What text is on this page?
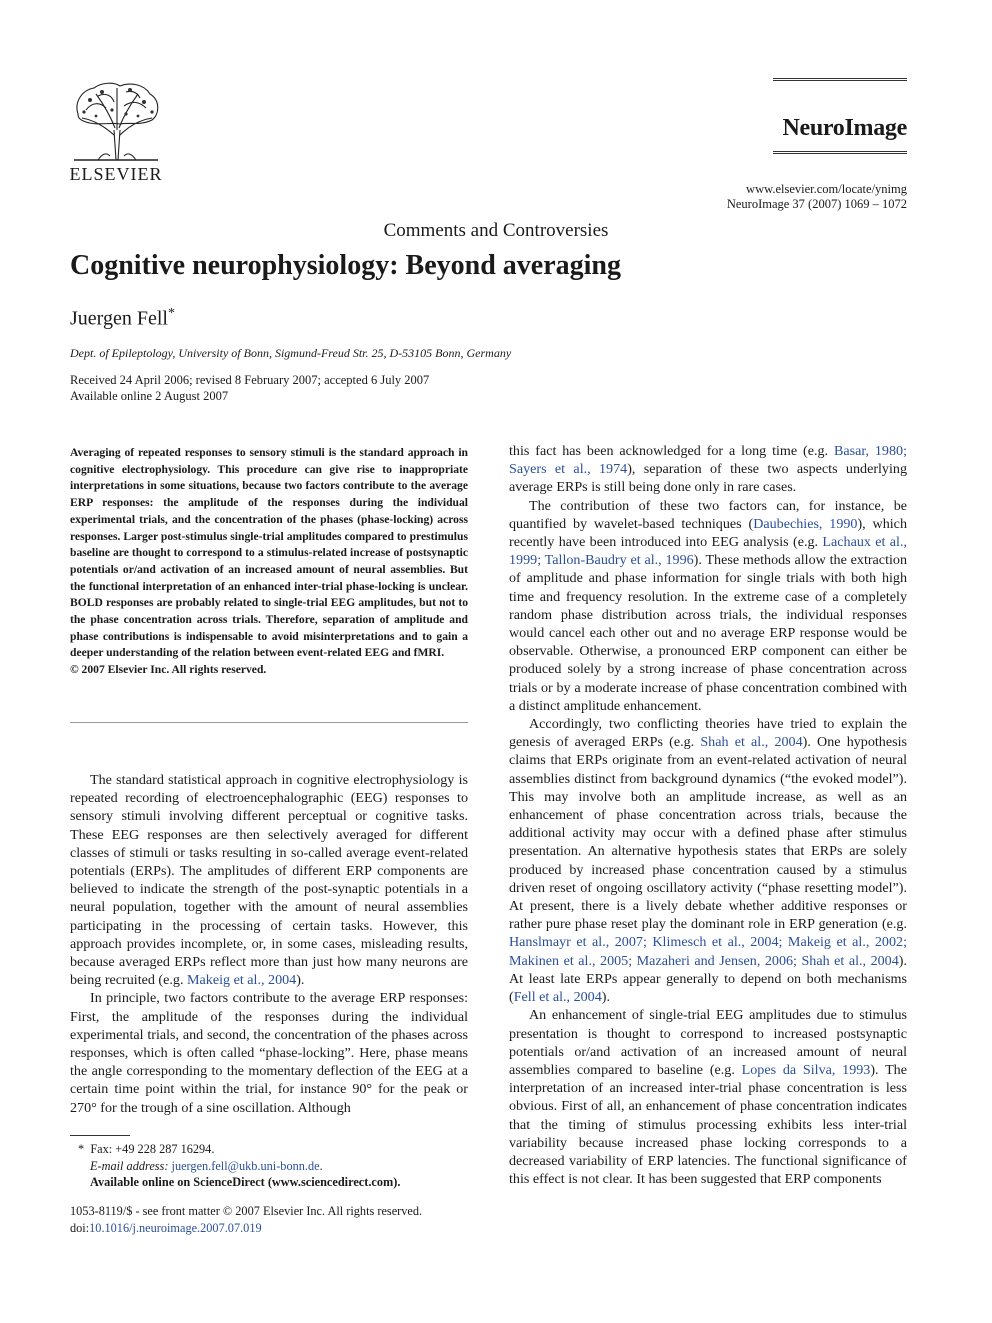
ELSEVIER
NeuroImage
www.elsevier.com/locate/ynimg
NeuroImage 37 (2007) 1069 – 1072
Comments and Controversies
Cognitive neurophysiology: Beyond averaging
Juergen Fell*
Dept. of Epileptology, University of Bonn, Sigmund-Freud Str. 25, D-53105 Bonn, Germany
Received 24 April 2006; revised 8 February 2007; accepted 6 July 2007
Available online 2 August 2007
Averaging of repeated responses to sensory stimuli is the standard approach in cognitive electrophysiology. This procedure can give rise to inappropriate interpretations in some situations, because two factors contribute to the average ERP responses: the amplitude of the responses during the individual experimental trials, and the concentration of the phases (phase-locking) across responses. Larger post-stimulus single-trial amplitudes compared to prestimulus baseline are thought to correspond to a stimulus-related increase of postsynaptic potentials or/and activation of an increased amount of neural assemblies. But the functional interpretation of an enhanced inter-trial phase-locking is unclear. BOLD responses are probably related to single-trial EEG amplitudes, but not to the phase concentration across trials. Therefore, separation of amplitude and phase contributions is indispensable to avoid misinterpretations and to gain a deeper understanding of the relation between event-related EEG and fMRI.
© 2007 Elsevier Inc. All rights reserved.

The standard statistical approach in cognitive electrophysiology is repeated recording of electroencephalographic (EEG) responses to sensory stimuli involving different perceptual or cognitive tasks. These EEG responses are then selectively averaged for different classes of stimuli or tasks resulting in so-called average event-related potentials (ERPs). The amplitudes of different ERP components are believed to indicate the strength of the post-synaptic potentials in a neural population, together with the amount of neural assemblies participating in the processing of certain tasks. However, this approach provides incomplete, or, in some cases, misleading results, because averaged ERPs reflect more than just how many neurons are being recruited (e.g. Makeig et al., 2004).

In principle, two factors contribute to the average ERP responses: First, the amplitude of the responses during the individual experimental trials, and second, the concentration of the phases across responses, which is often called “phase-locking”. Here, phase means the angle corresponding to the momentary deflection of the EEG at a certain time point within the trial, for instance 90° for the peak or 270° for the trough of a sine oscillation. Although

* Fax: +49 228 287 16294.
E-mail address: juergen.fell@ukb.uni-bonn.de.
Available online on ScienceDirect (www.sciencedirect.com).
1053-8119/$ - see front matter © 2007 Elsevier Inc. All rights reserved.
doi:10.1016/j.neuroimage.2007.07.019

this fact has been acknowledged for a long time (e.g. Basar, 1980; Sayers et al., 1974), separation of these two aspects underlying average ERPs is still being done only in rare cases.

The contribution of these two factors can, for instance, be quantified by wavelet-based techniques (Daubechies, 1990), which recently have been introduced into EEG analysis (e.g. Lachaux et al., 1999; Tallon-Baudry et al., 1996). These methods allow the extraction of amplitude and phase information for single trials with both high time and frequency resolution. In the extreme case of a completely random phase distribution across trials, the individual responses would cancel each other out and no average ERP response would be observable. Otherwise, a pronounced ERP component can either be produced solely by a strong increase of phase concentration across trials or by a moderate increase of phase concentration combined with a distinct amplitude enhancement.

Accordingly, two conflicting theories have tried to explain the genesis of averaged ERPs (e.g. Shah et al., 2004). One hypothesis claims that ERPs originate from an event-related activation of neural assemblies distinct from background dynamics (“the evoked model”). This may involve both an amplitude increase, as well as an enhancement of phase concentration across trials, because the additional activity may occur with a defined phase after stimulus presentation. An alternative hypothesis states that ERPs are solely produced by increased phase concentration caused by a stimulus driven reset of ongoing oscillatory activity (“phase resetting model”). At present, there is a lively debate whether additive responses or rather pure phase reset play the dominant role in ERP generation (e.g. Hanslmayr et al., 2007; Klimesch et al., 2004; Makeig et al., 2002; Makinen et al., 2005; Mazaheri and Jensen, 2006; Shah et al., 2004). At least late ERPs appear generally to depend on both mechanisms (Fell et al., 2004).

An enhancement of single-trial EEG amplitudes due to stimulus presentation is thought to correspond to increased postsynaptic potentials or/and activation of an increased amount of neural assemblies compared to baseline (e.g. Lopes da Silva, 1993). The interpretation of an increased inter-trial phase concentration is less obvious. First of all, an enhancement of phase concentration indicates that the timing of stimulus processing exhibits less inter-trial variability because increased phase locking corresponds to a decreased variability of ERP latencies. The functional significance of this effect is not clear. It has been suggested that ERP components
